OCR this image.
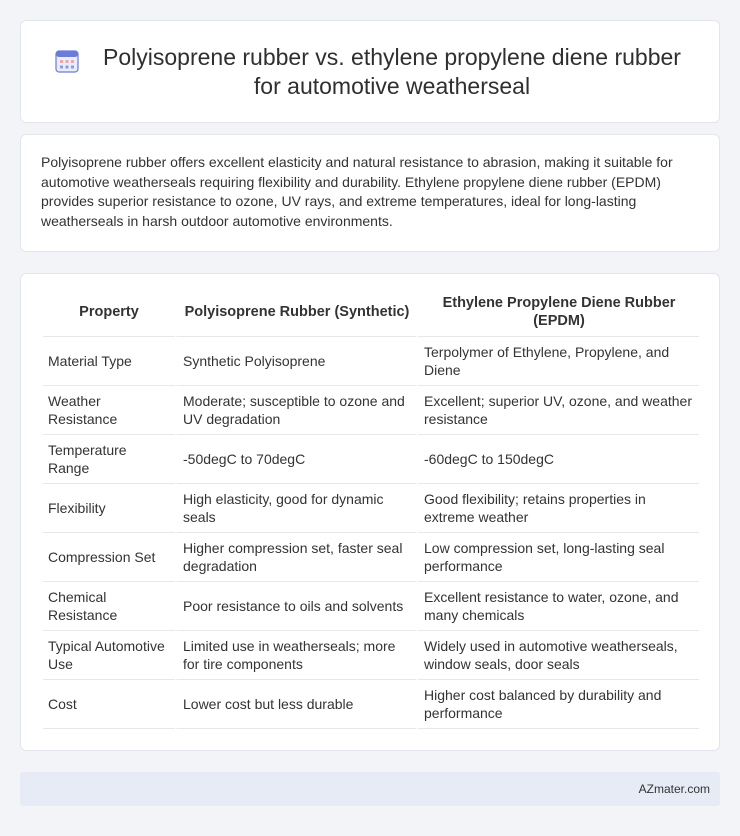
Polyisoprene rubber vs. ethylene propylene diene rubber for automotive weatherseal

Polyisoprene rubber offers excellent elasticity and natural resistance to abrasion, making it suitable for automotive weatherseals requiring flexibility and durability. Ethylene propylene diene rubber (EPDM) provides superior resistance to ozone, UV rays, and extreme temperatures, ideal for long-lasting weatherseals in harsh outdoor automotive environments.

Property	Polyisoprene Rubber (Synthetic)	Ethylene Propylene Diene Rubber (EPDM)
Material Type	Synthetic Polyisoprene	Terpolymer of Ethylene, Propylene, and Diene
Weather Resistance	Moderate; susceptible to ozone and UV degradation	Excellent; superior UV, ozone, and weather resistance
Temperature Range	-50degC to 70degC	-60degC to 150degC
Flexibility	High elasticity, good for dynamic seals	Good flexibility; retains properties in extreme weather
Compression Set	Higher compression set, faster seal degradation	Low compression set, long-lasting seal performance
Chemical Resistance	Poor resistance to oils and solvents	Excellent resistance to water, ozone, and many chemicals
Typical Automotive Use	Limited use in weatherseals; more for tire components	Widely used in automotive weatherseals, window seals, door seals
Cost	Lower cost but less durable	Higher cost balanced by durability and performance
AZmater.com
